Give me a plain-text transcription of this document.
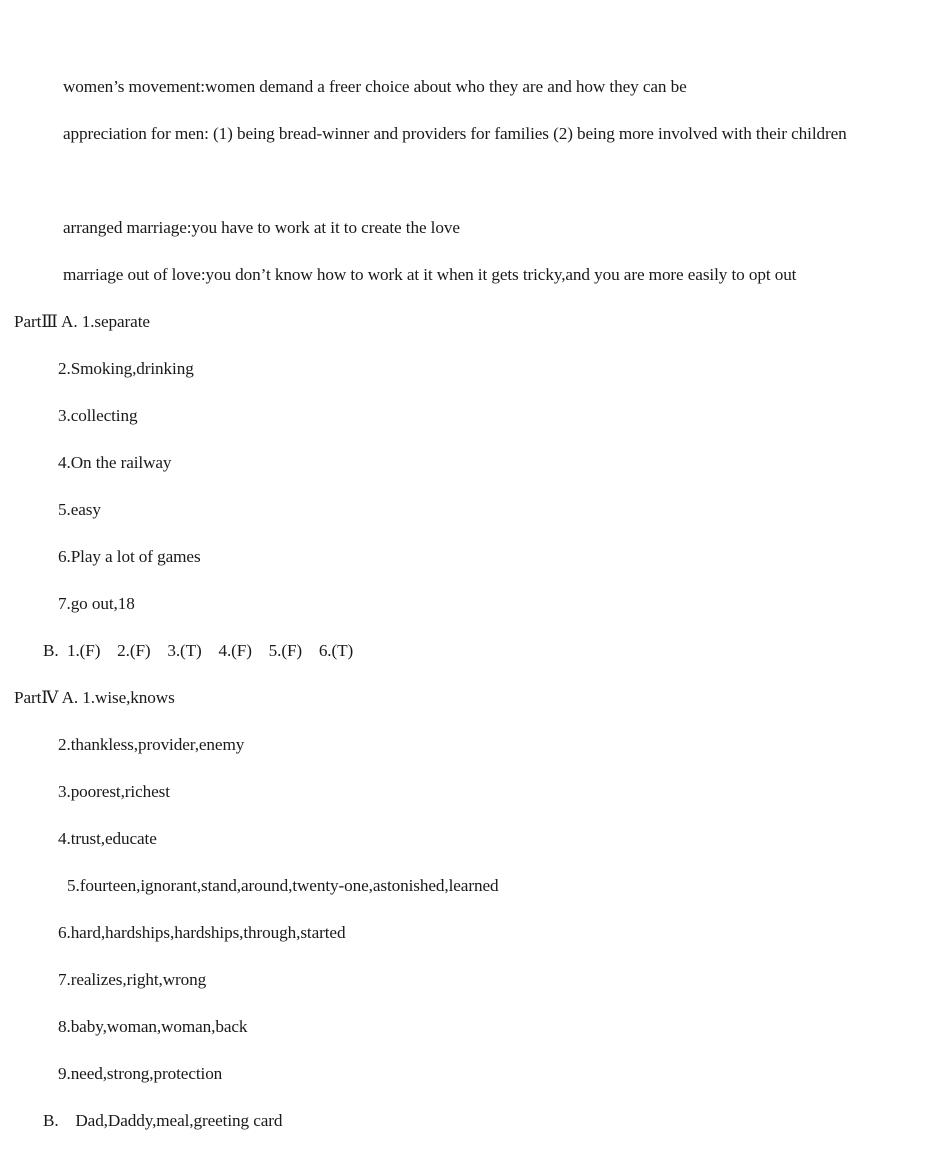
women’s movement:women demand a freer choice about who they are and how they can be
appreciation for men: (1) being bread-winner and providers for families (2) being more involved with their children
arranged marriage:you have to work at it to create the love
marriage out of love:you don’t know how to work at it when it gets tricky,and you are more easily to opt out
PartⅢ A. 1.separate
2.Smoking,drinking
3.collecting
4.On the railway
5.easy
6.Play a lot of games
7.go out,18
B.  1.(F)    2.(F)    3.(T)    4.(F)    5.(F)    6.(T)
PartⅣ A. 1.wise,knows
2.thankless,provider,enemy
3.poorest,richest
4.trust,educate
5.fourteen,ignorant,stand,around,twenty-one,astonished,learned
6.hard,hardships,hardships,through,started
7.realizes,right,wrong
8.baby,woman,woman,back
9.need,strong,protection
B.    Dad,Daddy,meal,greeting card
